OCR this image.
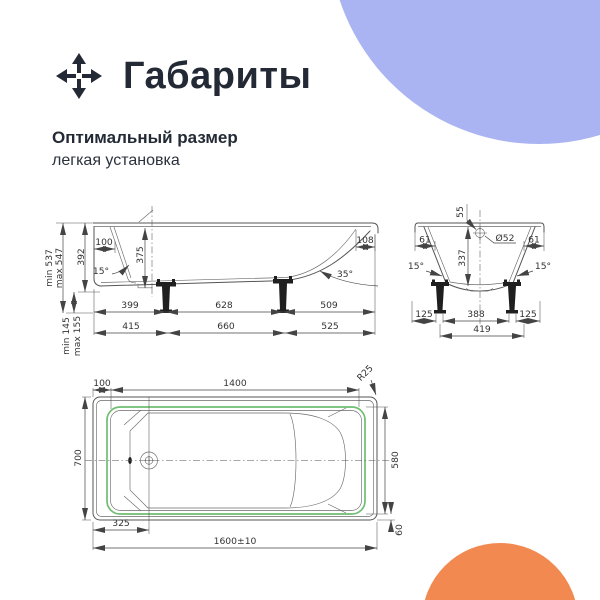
Габариты

Оптимальный размер

легкая установка

min 537 max 547 392
min 145 max 155
100
375
15°	35°
108
399	628	509
415	660	525
55
Ø52
61	61
15°	15°
337
125	388	125
419
100	1400	R25
700	580
60
325
1600±10
